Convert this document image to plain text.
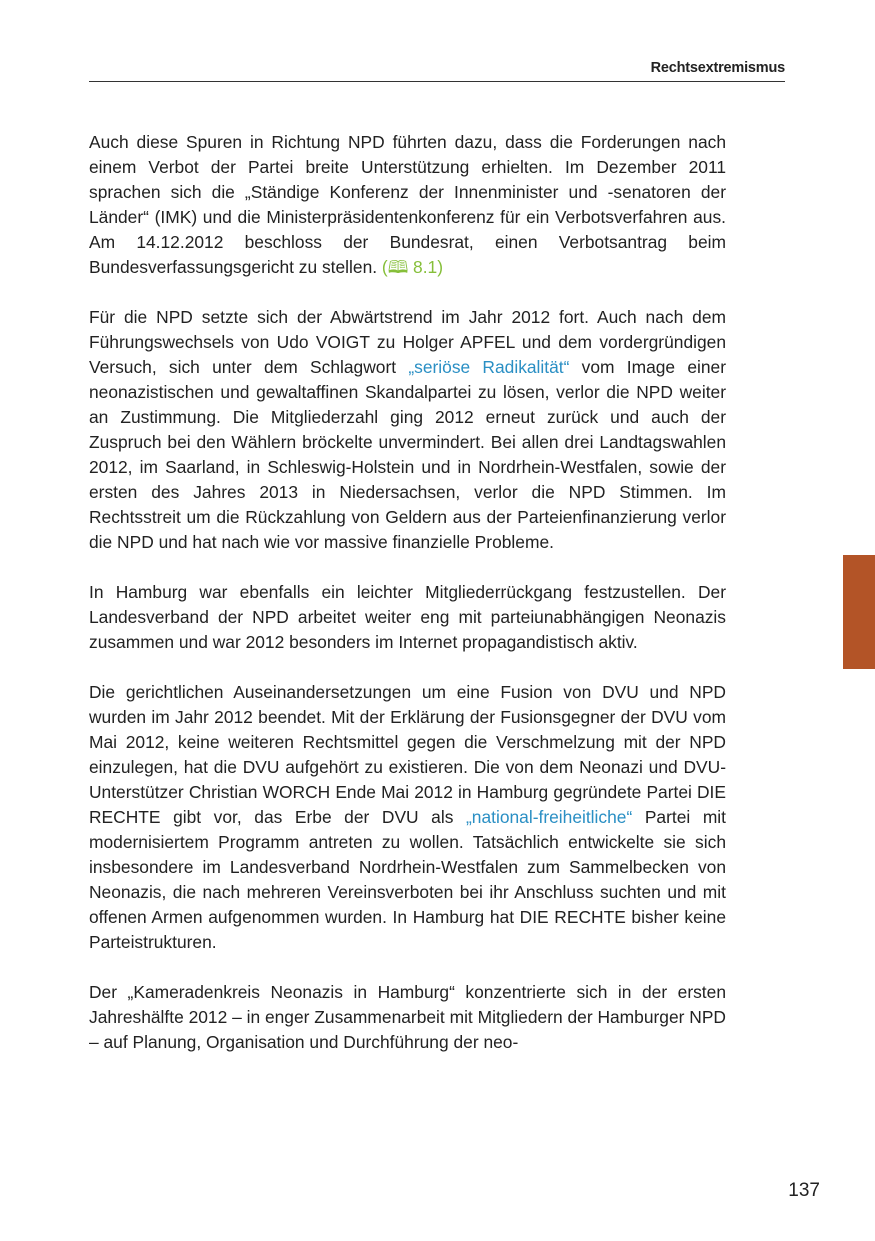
Rechtsextremismus

Auch diese Spuren in Richtung NPD führten dazu, dass die Forderungen nach einem Verbot der Partei breite Unterstützung erhielten. Im Dezember 2011 sprachen sich die „Ständige Konferenz der Innenminister und -senatoren der Länder“ (IMK) und die Ministerpräsidentenkonferenz für ein Verbotsverfahren aus. Am 14.12.2012 beschloss der Bundesrat, einen Verbotsantrag beim Bundesverfassungsgericht zu stellen. (🕮 8.1)

Für die NPD setzte sich der Abwärtstrend im Jahr 2012 fort. Auch nach dem Führungswechsels von Udo VOIGT zu Holger APFEL und dem vordergründigen Versuch, sich unter dem Schlagwort „seriöse Radikalität“ vom Image einer neonazistischen und gewaltaffinen Skandalpartei zu lösen, verlor die NPD weiter an Zustimmung. Die Mitgliederzahl ging 2012 erneut zurück und auch der Zuspruch bei den Wählern bröckelte unvermindert. Bei allen drei Landtagswahlen 2012, im Saarland, in Schleswig-Holstein und in Nordrhein-Westfalen, sowie der ersten des Jahres 2013 in Niedersachsen, verlor die NPD Stimmen. Im Rechtsstreit um die Rückzahlung von Geldern aus der Parteienfinanzierung verlor die NPD und hat nach wie vor massive finanzielle Probleme.

In Hamburg war ebenfalls ein leichter Mitgliederrückgang festzustellen. Der Landesverband der NPD arbeitet weiter eng mit parteiunabhängigen Neonazis zusammen und war 2012 besonders im Internet propagandistisch aktiv.

Die gerichtlichen Auseinandersetzungen um eine Fusion von DVU und NPD wurden im Jahr 2012 beendet. Mit der Erklärung der Fusionsgegner der DVU vom Mai 2012, keine weiteren Rechtsmittel gegen die Verschmelzung mit der NPD einzulegen, hat die DVU aufgehört zu existieren. Die von dem Neonazi und DVU-Unterstützer Christian WORCH Ende Mai 2012 in Hamburg gegründete Partei DIE RECHTE gibt vor, das Erbe der DVU als „national-freiheitliche“ Partei mit modernisiertem Programm antreten zu wollen. Tatsächlich entwickelte sie sich insbesondere im Landesverband Nordrhein-Westfalen zum Sammelbecken von Neonazis, die nach mehreren Vereinsverboten bei ihr Anschluss suchten und mit offenen Armen aufgenommen wurden. In Hamburg hat DIE RECHTE bisher keine Parteistrukturen.

Der „Kameradenkreis Neonazis in Hamburg“ konzentrierte sich in der ersten Jahreshälfte 2012 – in enger Zusammenarbeit mit Mitgliedern der Hamburger NPD – auf Planung, Organisation und Durchführung der neo-

137
